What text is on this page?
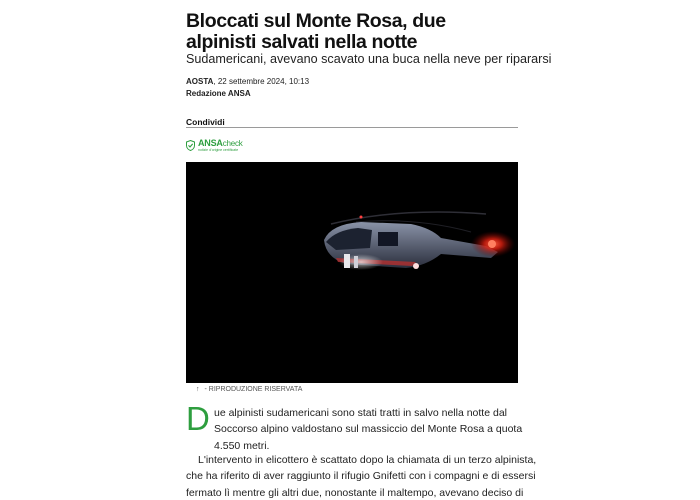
Bloccati sul Monte Rosa, due alpinisti salvati nella notte
Sudamericani, avevano scavato una buca nella neve per ripararsi
AOSTA, 22 settembre 2024, 10:13
Redazione ANSA
Condividi
ANSAcheck
notizie d'origine certificate
↑ - RIPRODUZIONE RISERVATA
D ue alpinisti sudamericani sono stati tratti in salvo nella notte dal
Soccorso alpino valdostano sul massiccio del Monte Rosa a quota
4.550 metri.

L'intervento in elicottero è scattato dopo la chiamata di un terzo alpinista,
che ha riferito di aver raggiunto il rifugio Gnifetti con i compagni e di essersi
fermato lì mentre gli altri due, nonostante il maltempo, avevano deciso di
